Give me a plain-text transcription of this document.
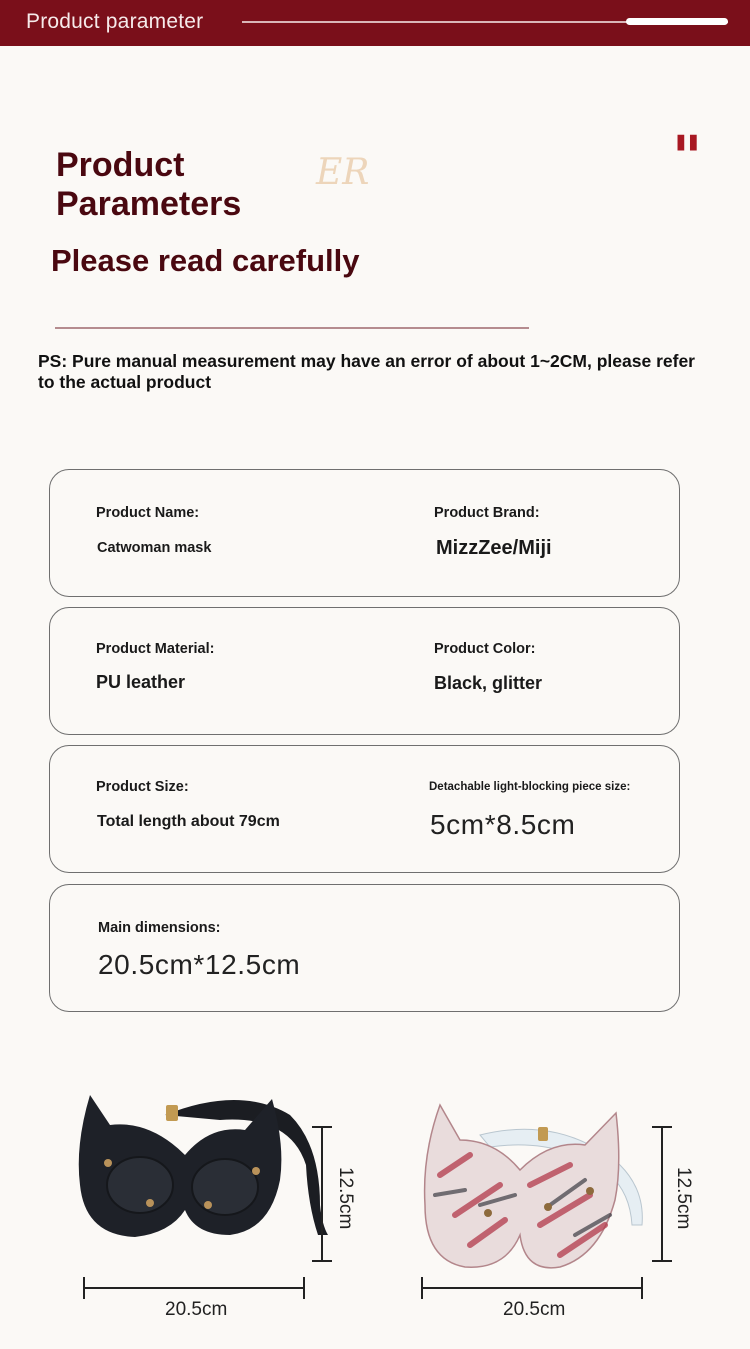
Product parameter
ER
Product
Parameters
"
Please read carefully
PS: Pure manual measurement may have an error of about 1~2CM, please refer to the actual product
Product Name:
Catwoman mask
Product Brand:
MizzZee/Miji
Product Material:
PU leather
Product Color:
Black, glitter
Product Size:
Total length about 79cm
Detachable light-blocking piece size:
5cm*8.5cm
Main dimensions:
20.5cm*12.5cm
20.5cm
12.5cm
20.5cm
12.5cm
